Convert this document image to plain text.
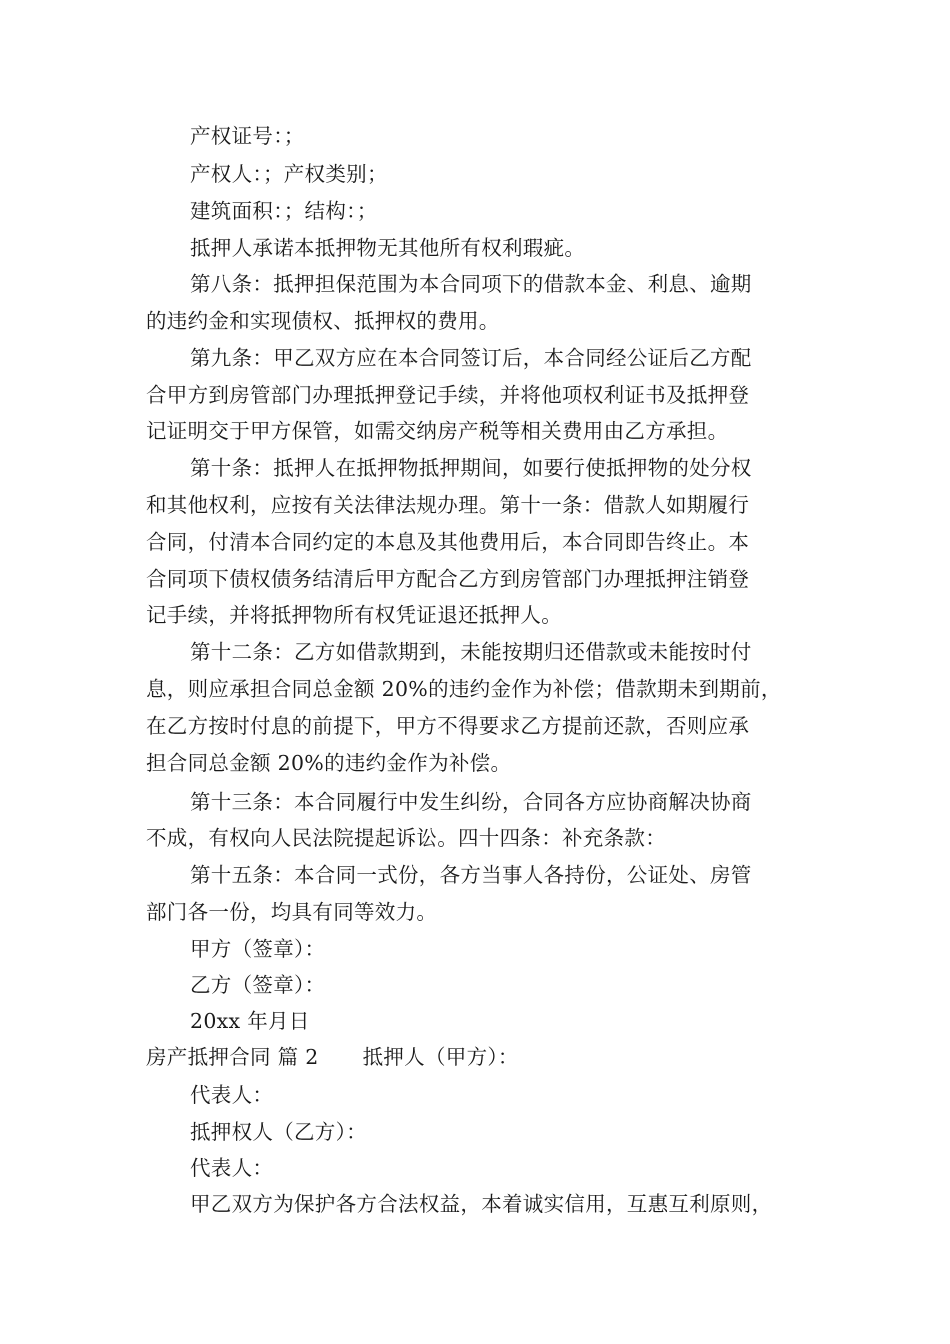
产权证号：；
产权人：；产权类别；
建筑面积：；结构：；
抵押人承诺本抵押物无其他所有权利瑕疵。
第八条：抵押担保范围为本合同项下的借款本金、利息、逾期
的违约金和实现债权、抵押权的费用。
第九条：甲乙双方应在本合同签订后，本合同经公证后乙方配
合甲方到房管部门办理抵押登记手续，并将他项权利证书及抵押登
记证明交于甲方保管，如需交纳房产税等相关费用由乙方承担。
第十条：抵押人在抵押物抵押期间，如要行使抵押物的处分权
和其他权利，应按有关法律法规办理。第十一条：借款人如期履行
合同，付清本合同约定的本息及其他费用后，本合同即告终止。本
合同项下债权债务结清后甲方配合乙方到房管部门办理抵押注销登
记手续，并将抵押物所有权凭证退还抵押人。
第十二条：乙方如借款期到，未能按期归还借款或未能按时付
息，则应承担合同总金额 20%的违约金作为补偿；借款期未到期前，
在乙方按时付息的前提下，甲方不得要求乙方提前还款，否则应承
担合同总金额 20%的违约金作为补偿。
第十三条：本合同履行中发生纠纷，合同各方应协商解决协商
不成，有权向人民法院提起诉讼。四十四条：补充条款：
第十五条：本合同一式份，各方当事人各持份，公证处、房管
部门各一份，均具有同等效力。
甲方（签章）：
乙方（签章）：
20xx 年月日
房产抵押合同 篇 2 抵押人（甲方）：
代表人：
抵押权人（乙方）：
代表人：
甲乙双方为保护各方合法权益，本着诚实信用，互惠互利原则，
